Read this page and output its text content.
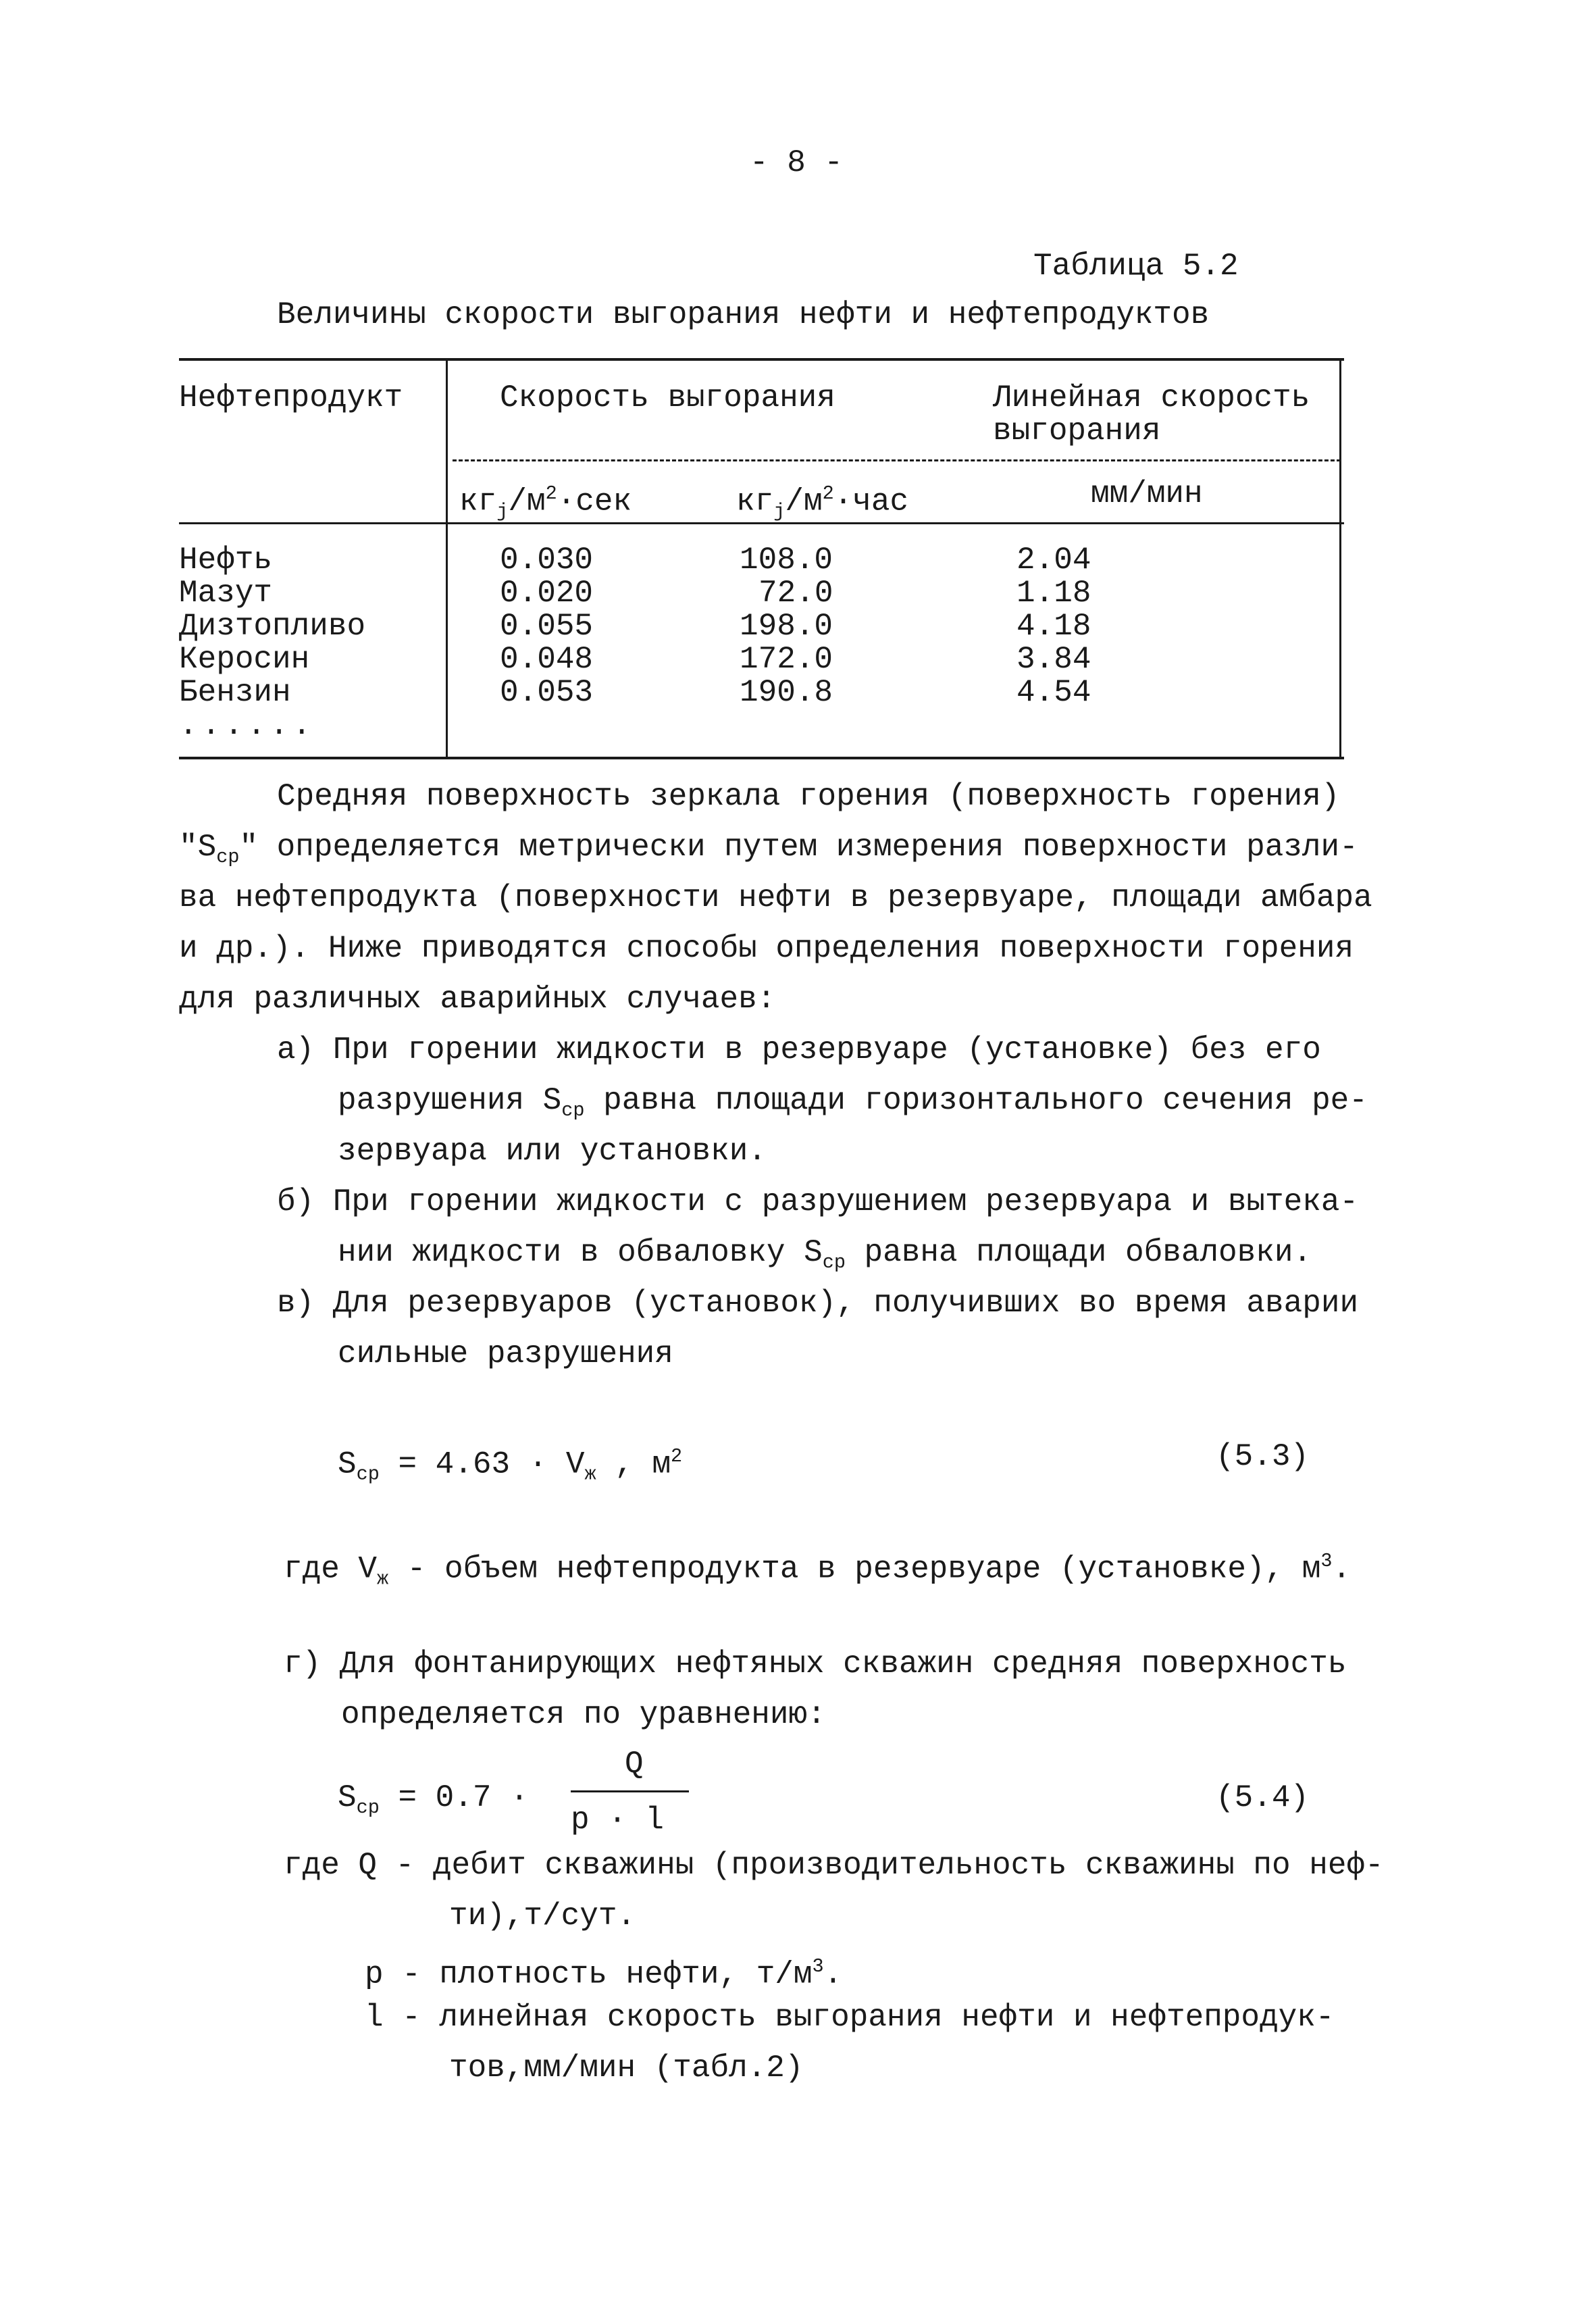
- 8 -
Таблица 5.2
Величины скорости выгорания нефти и нефтепродуктов
Нефтепродукт	Скорость выгорания	Линейная скорость
выгорания
$кг_j/м^2\cdot сек$	$кг_j/м^2\cdot час$	мм/мин
Нефть	0.030	108.0	2.04
Мазут	0.020	72.0	1.18
Дизтопливо	0.055	198.0	4.18
Керосин	0.048	172.0	3.84
Бензин	0.053	190.8	4.54
......
Средняя поверхность зеркала горения (поверхность горения)
"$S_{cp}$" определяется метрически путем измерения поверхности разли-
ва нефтепродукта (поверхности нефти в резервуаре, площади амбара
и др.). Ниже приводятся способы определения поверхности горения
для различных аварийных случаев:
а) При горении жидкости в резервуаре (установке) без его
разрушения $S_{cp}$ равна площади горизонтального сечения ре-
зервуара или установки.
б) При горении жидкости с разрушением резервуара и вытека-
нии жидкости в обваловку $S_{cp}$ равна площади обваловки.
в) Для резервуаров (установок), получивших во время аварии
сильные разрушения
$S_{cp} = 4.63 \cdot V_ж$ , $м^2$	(5.3)
где $V_ж$ - объем нефтепродукта в резервуаре (установке), $м^3$.
г) Для фонтанирующих нефтяных скважин средняя поверхность
определяется по уравнению:
$S_{cp} = 0.7$ ·
Q
p · l
(5.4)
где Q - дебит скважины (производительность скважины по неф-
ти),т/сут.
p - плотность нефти, $т/м^3$.
l - линейная скорость выгорания нефти и нефтепродук-
тов,мм/мин (табл.2)
